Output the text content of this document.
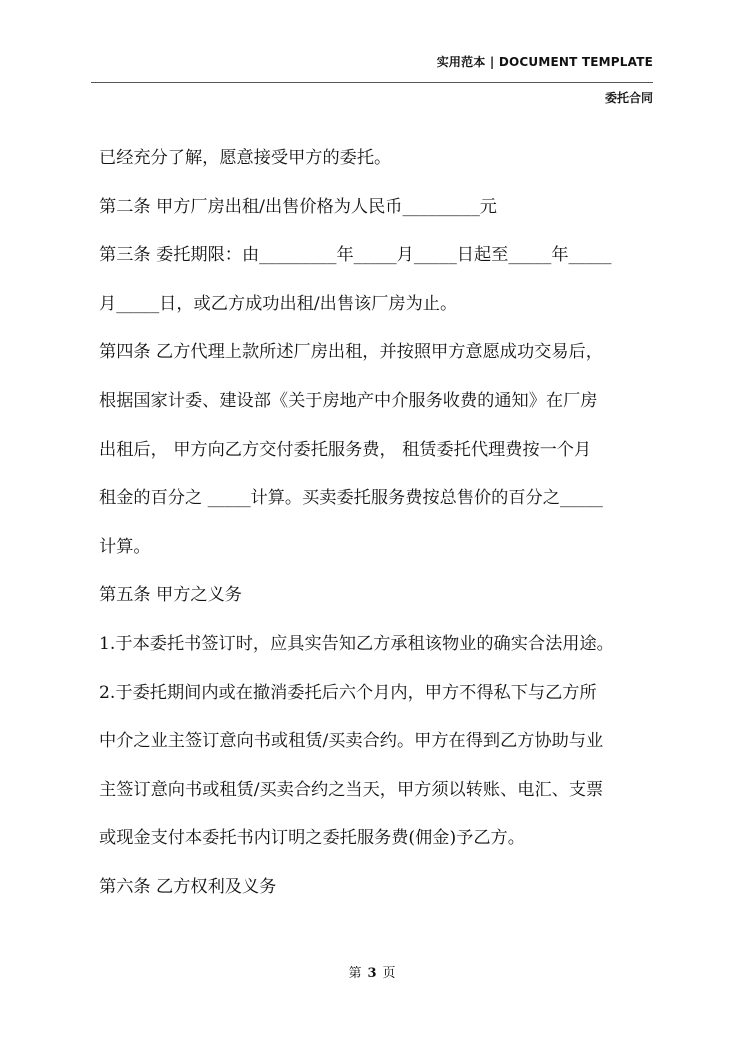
实用范本 | DOCUMENT TEMPLATE
委托合同
已经充分了解，愿意接受甲方的委托。
第二条 甲方厂房出租/出售价格为人民币_________元
第三条 委托期限：由_________年_____月_____日起至_____年_____
月_____日，或乙方成功出租/出售该厂房为止。
第四条 乙方代理上款所述厂房出租，并按照甲方意愿成功交易后，
根据国家计委、建设部《关于房地产中介服务收费的通知》在厂房
出租后， 甲方向乙方交付委托服务费， 租赁委托代理费按一个月
租金的百分之 _____计算。买卖委托服务费按总售价的百分之_____
计算。
第五条 甲方之义务
1.于本委托书签订时，应具实告知乙方承租该物业的确实合法用途。
2.于委托期间内或在撤消委托后六个月内，甲方不得私下与乙方所
中介之业主签订意向书或租赁/买卖合约。甲方在得到乙方协助与业
主签订意向书或租赁/买卖合约之当天，甲方须以转账、电汇、支票
或现金支付本委托书内订明之委托服务费(佣金)予乙方。
第六条 乙方权利及义务
第 3 页
